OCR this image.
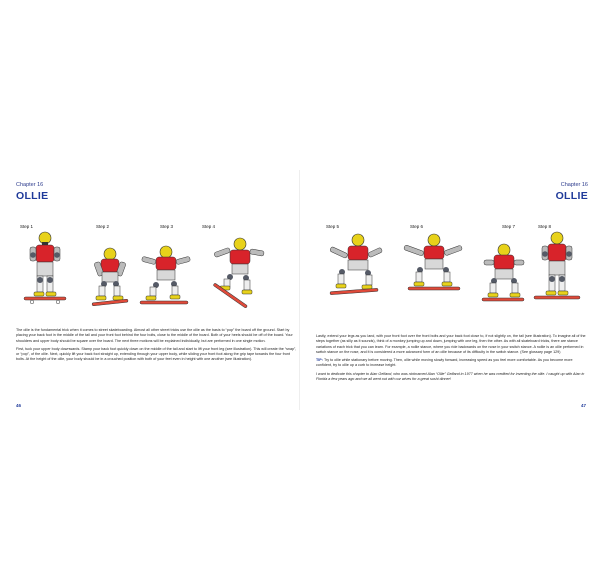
Chapter 16
OLLIE
Step 1	Step 2	Step 3	Step 4

The ollie is the fundamental trick when it comes to street skateboarding. Almost all other street tricks use the ollie as the basis to “pop” the board off the ground. Start by placing your back foot in the middle of the tail and your front foot behind the four bolts, close to the middle of the board. Both of your heels should be off of the board. Your shoulders and upper body should be square over the board. The next three motions will be explained individually, but are performed in one single motion.

First, tuck your upper body downwards. Stamp your back foot quickly down on the middle of the tail and start to lift your front leg (see illustration). This will create the “snap”, or “pop”, of the ollie. Next, quickly lift your back foot straight up, extending through your upper body, while sliding your front foot along the grip tape towards the four front bolts. At the height of the ollie, your body should be in a crouched position with both of your feet even in height with one another (see illustration).

46
Chapter 16
OLLIE
Step 5	Step 6	Step 7	Step 8

Lastly, extend your legs as you land, with your front foot over the front bolts and your back foot close to, if not slightly on, the tail (see illustration). To imagine all of the steps together (as silly as it sounds), think of a monkey jumping up and down, jumping with one leg, then the other. As with all skateboard tricks, there are stance variations of each trick that you can learn. For example, a nollie stance, where you ride backwards on the nose in your switch stance. A nollie is an ollie performed in switch stance on the nose, and it is considered a more advanced form of an ollie because of its difficulty in the switch stance. (See glossary page 129)

TIP: Try to ollie while stationary before moving. Then, ollie while moving slowly forward, increasing speed as you feel more comfortable. As you become more confident, try to ollie up a curb to increase height.

I want to dedicate this chapter to Alan Gelfand, who was nicknamed Alan “Ollie” Gelfand in 1977 when he was credited for inventing the ollie. I caught up with Alan in Florida a few years ago and we all went out with our wives for a great sushi dinner!

47
